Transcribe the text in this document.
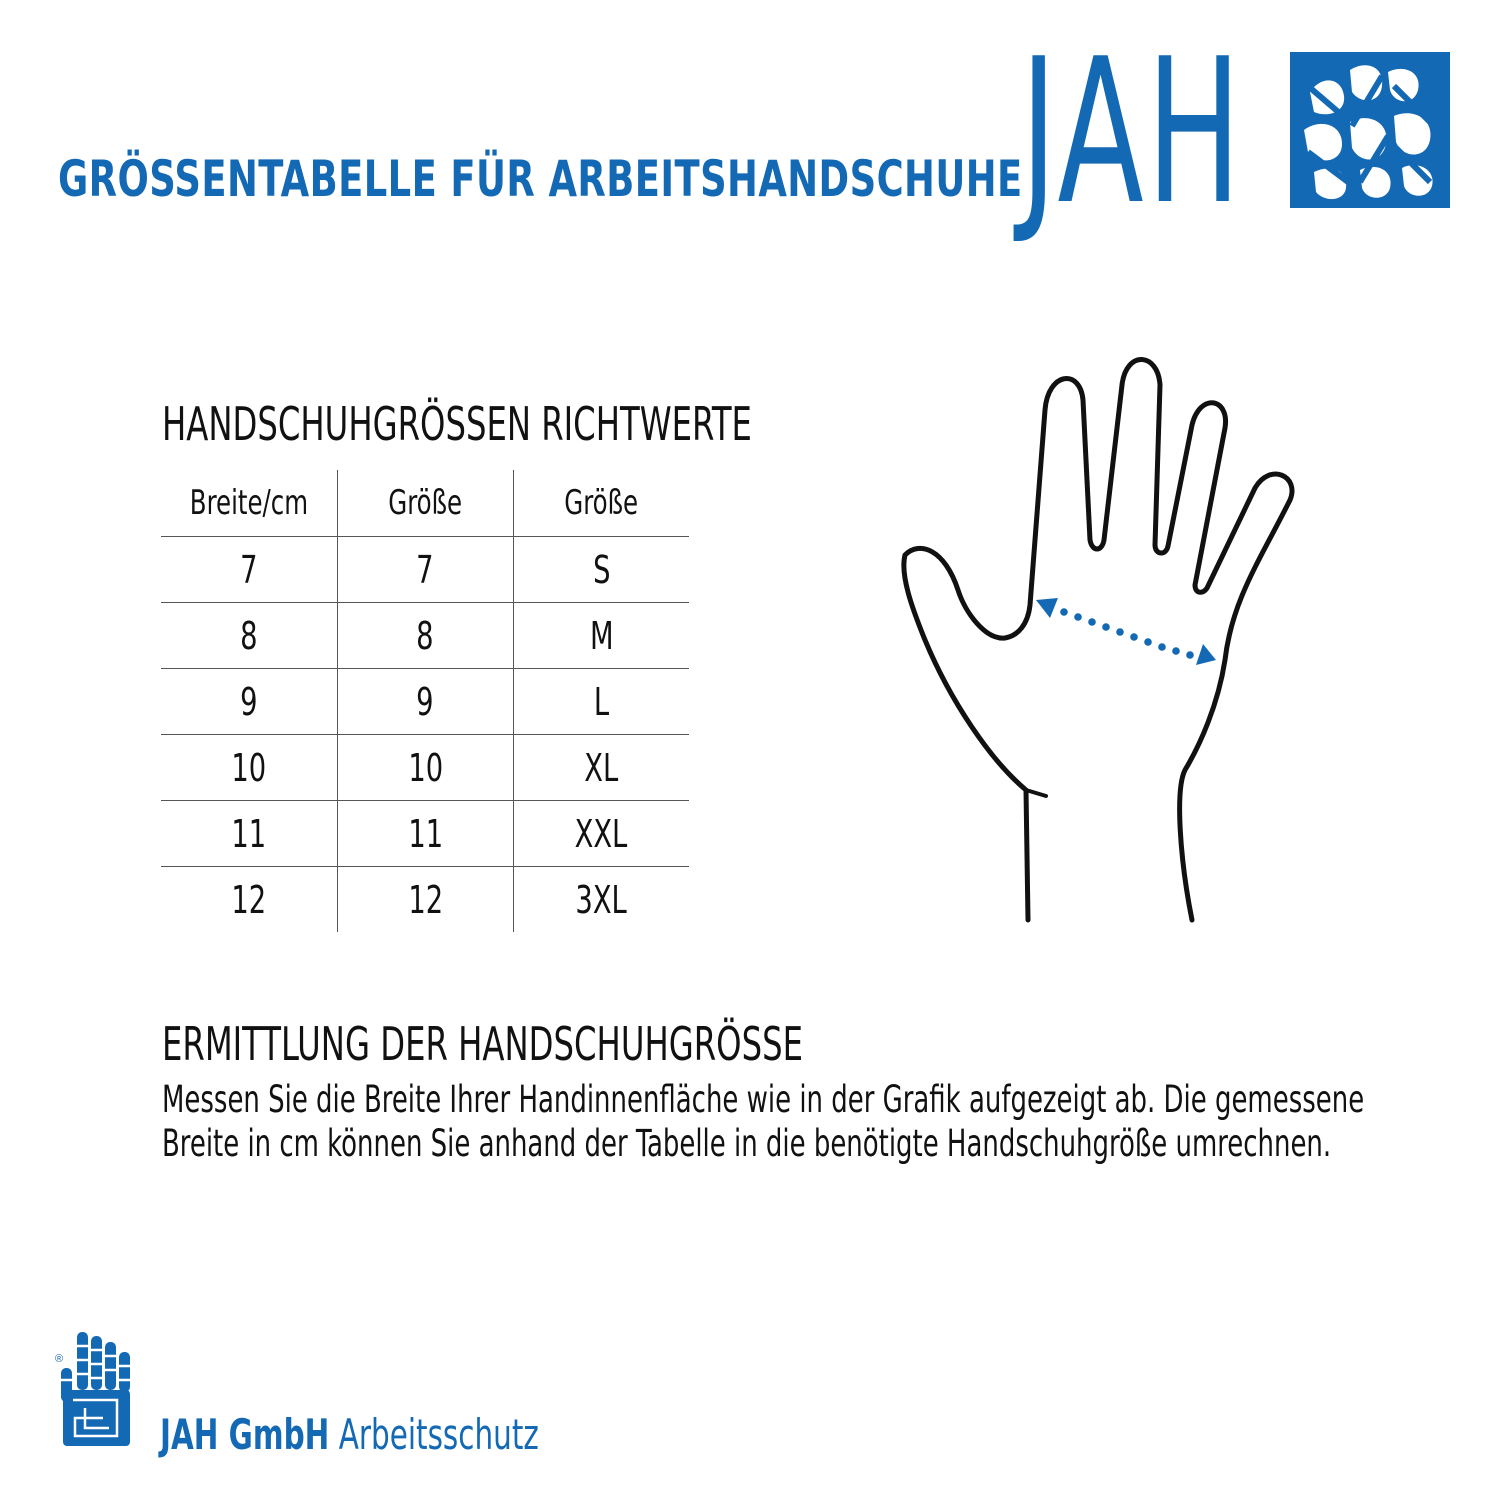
GRÖSSENTABELLE FÜR ARBEITSHANDSCHUHE
JAH
HANDSCHUHGRÖSSEN RICHTWERTE
Breite/cm	Größe	Größe
7	7	S
8	8	M
9	9	L
10	10	XL
11	11	XXL
12	12	3XL
ERMITTLUNG DER HANDSCHUHGRÖSSE

Messen Sie die Breite Ihrer Handinnenfläche wie in der Grafik aufgezeigt ab. Die gemessene
Breite in cm können Sie anhand der Tabelle in die benötigte Handschuhgröße umrechnen.

®
JAH GmbH Arbeitsschutz
